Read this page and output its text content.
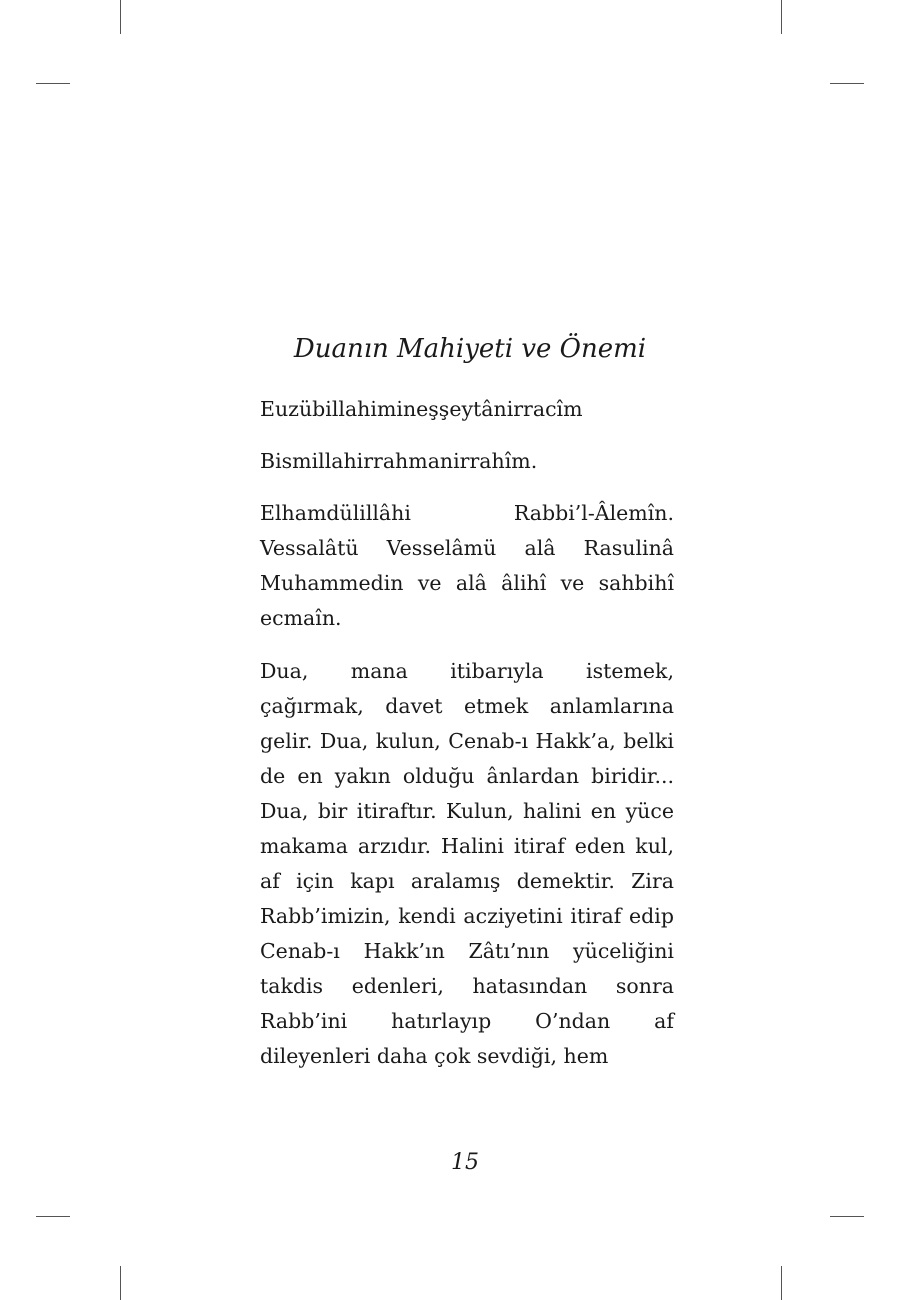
Duanın Mahiyeti ve Önemi

Euzübillahimineşşeytânirracîm

Bismillahirrahmanirrahîm.

Elhamdülillâhi Rabbi’l-Âlemîn. Vessalâtü Vesselâmü alâ Rasulinâ Muhammedin ve alâ âlihî ve sahbihî ecmaîn.

Dua, mana itibarıyla istemek, çağırmak, davet etmek anlamlarına gelir. Dua, kulun, Cenab-ı Hakk’a, belki de en yakın olduğu ânlardan biridir... Dua, bir itiraftır. Kulun, halini en yüce makama arzıdır. Halini itiraf eden kul, af için kapı aralamış demektir. Zira Rabb’imizin, kendi acziyetini itiraf edip Cenab-ı Hakk’ın Zâtı’nın yüceliğini takdis edenleri, hatasından sonra Rabb’ini hatırlayıp O’ndan af dileyenleri daha çok sevdiği, hem

15
